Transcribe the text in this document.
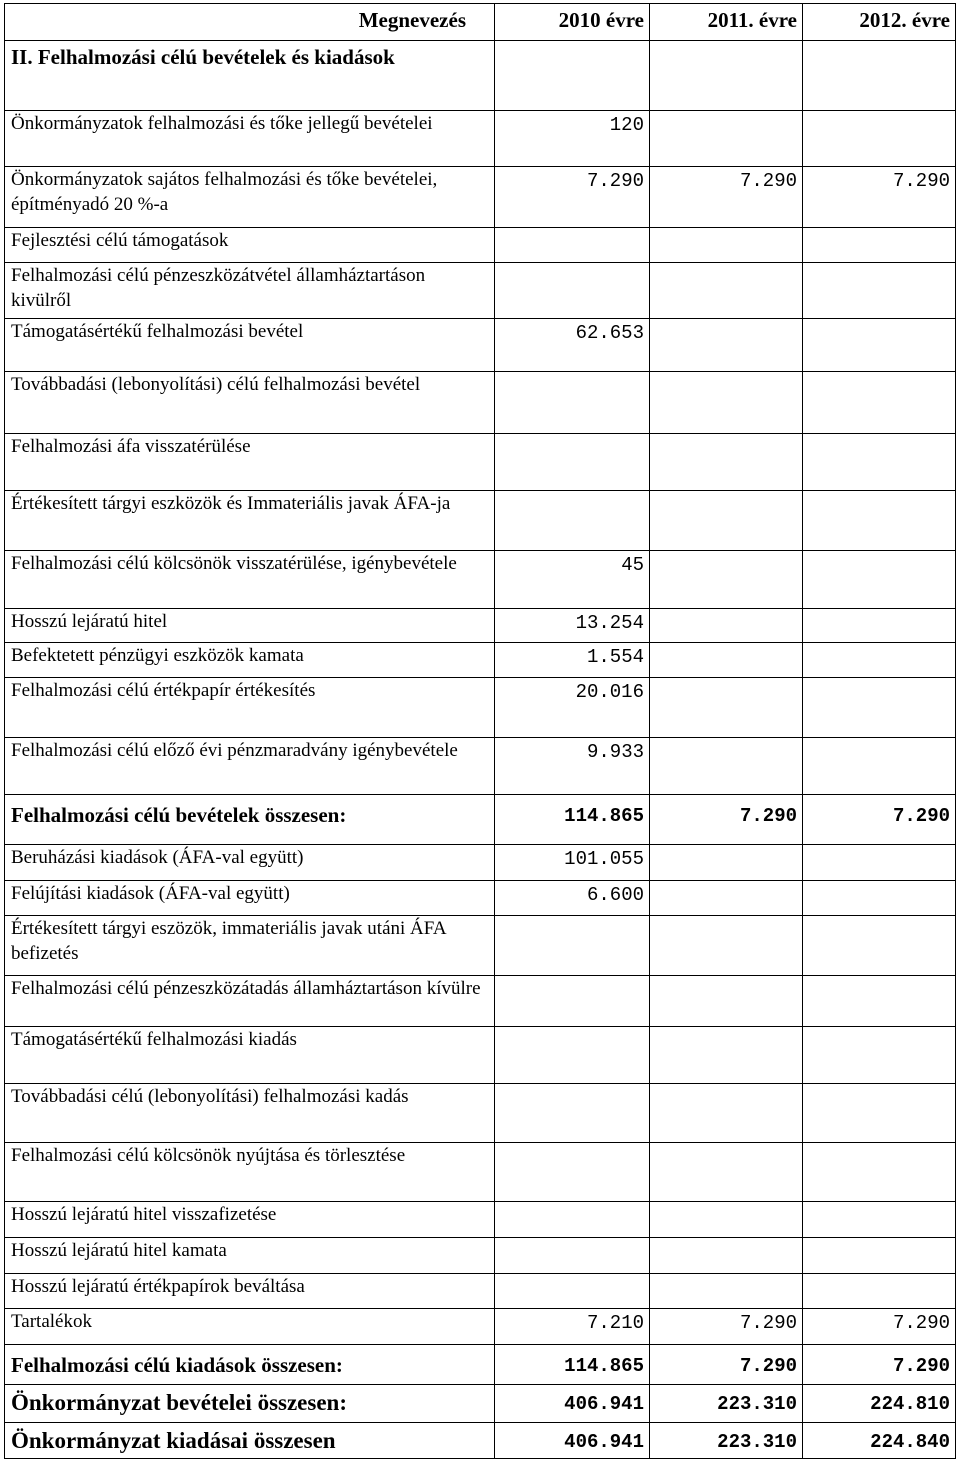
Megnevezés	2010 évre	2011. évre	2012. évre
II. Felhalmozási célú bevételek és kiadások			
Önkormányzatok felhalmozási és tőke jellegű bevételei	120		
Önkormányzatok sajátos felhalmozási és tőke bevételei, építményadó 20 %-a	7.290	7.290	7.290
Fejlesztési célú támogatások			
Felhalmozási célú pénzeszközátvétel államháztartáson kivülről			
Támogatásértékű felhalmozási bevétel	62.653		
Továbbadási (lebonyolítási) célú felhalmozási bevétel			
Felhalmozási áfa visszatérülése			
Értékesített tárgyi eszközök és Immateriális javak ÁFA-ja			
Felhalmozási célú kölcsönök visszatérülése, igénybevétele	45		
Hosszú lejáratú hitel	13.254		
Befektetett pénzügyi eszközök kamata	1.554		
Felhalmozási célú értékpapír értékesítés	20.016		
Felhalmozási célú előző évi pénzmaradvány igénybevétele	9.933		
Felhalmozási célú bevételek összesen:	114.865	7.290	7.290
Beruházási kiadások (ÁFA-val együtt)	101.055		
Felújítási kiadások (ÁFA-val együtt)	6.600		
Értékesített tárgyi eszözök, immateriális javak utáni ÁFA befizetés			
Felhalmozási célú pénzeszközátadás államháztartáson kívülre			
Támogatásértékű felhalmozási kiadás			
Továbbadási célú (lebonyolítási) felhalmozási kadás			
Felhalmozási célú kölcsönök nyújtása és törlesztése			
Hosszú lejáratú hitel visszafizetése			
Hosszú lejáratú hitel kamata			
Hosszú lejáratú értékpapírok beváltása			
Tartalékok	7.210	7.290	7.290
Felhalmozási célú kiadások összesen:	114.865	7.290	7.290
Önkormányzat bevételei összesen:	406.941	223.310	224.810
Önkormányzat kiadásai összesen	406.941	223.310	224.840
